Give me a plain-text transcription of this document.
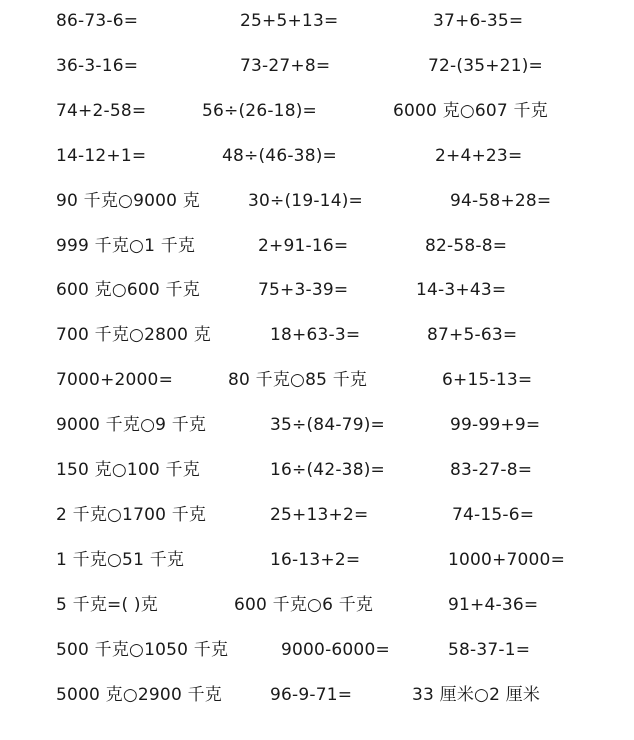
86-73-6=	25+5+13=	37+6-35=
36-3-16=	73-27+8=	72-(35+21)=
74+2-58=	56÷(26-18)=	6000 克○607 千克
14-12+1=	48÷(46-38)=	2+4+23=
90 千克○9000 克	30÷(19-14)=	94-58+28=
999 千克○1 千克	2+91-16=	82-58-8=
600 克○600 千克	75+3-39=	14-3+43=
700 千克○2800 克	18+63-3=	87+5-63=
7000+2000=	80 千克○85 千克	6+15-13=
9000 千克○9 千克	35÷(84-79)=	99-99+9=
150 克○100 千克	16÷(42-38)=	83-27-8=
2 千克○1700 千克	25+13+2=	74-15-6=
1 千克○51 千克	16-13+2=	1000+7000=
5 千克=( )克	600 千克○6 千克	91+4-36=
500 千克○1050 千克	9000-6000=	58-37-1=
5000 克○2900 千克	96-9-71=	33 厘米○2 厘米
